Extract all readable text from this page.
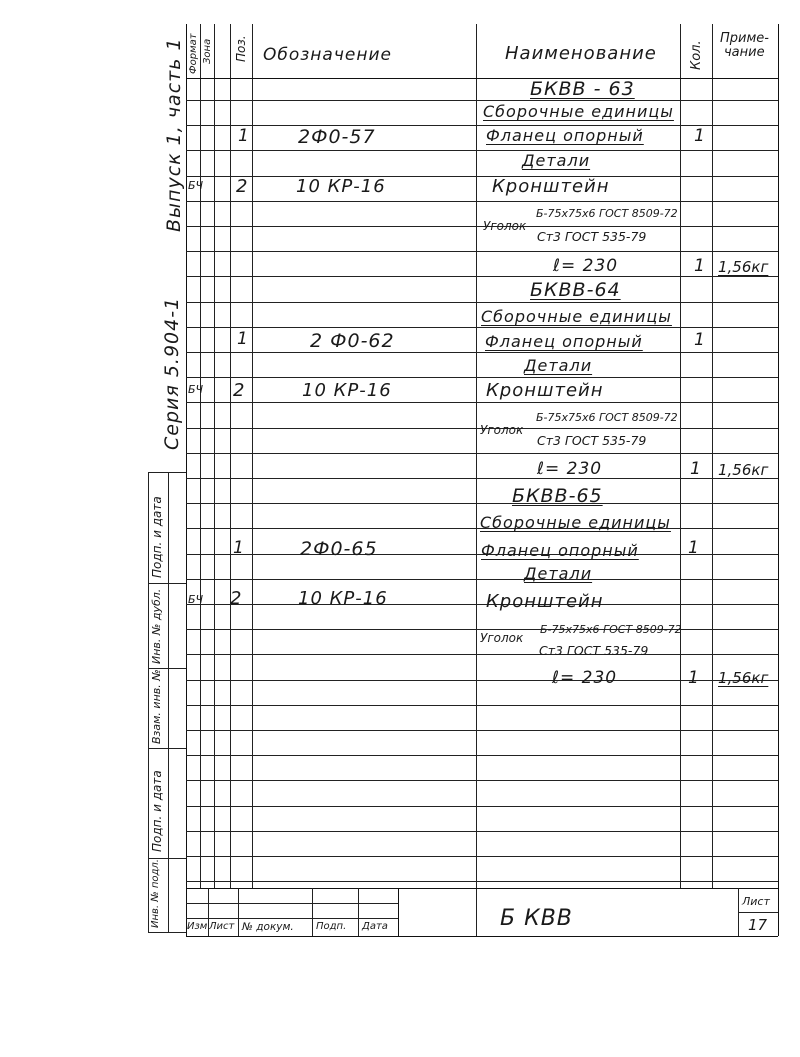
Выпуск 1, часть 1
Серия 5.904-1
Подп. и дата
Инв. № дубл.
Взам. инв. №
Подп. и дата
Инв. № подл.
Формат Зона Поз. Обозначение	Наименование Кол.
Приме-
чание
БКВВ - 63
Сборочные единицы
1	2Ф0-57	Фланец опорный	1
Детали
БЧ 2	10 КР-16	Кронштейн
Уголок
Б-75х75х6 ГОСТ 8509-72
Ст3 ГОСТ 535-79
ℓ= 230	1 1,56кг
БКВВ-64
Сборочные единицы
1	2 Ф0-62	Фланец опорный	1
Детали
БЧ 2	10 КР-16	Кронштейн
Уголок
Б-75х75х6 ГОСТ 8509-72
Ст3 ГОСТ 535-79
ℓ= 230	1 1,56кг
БКВВ-65
Сборочные единицы
1	2Ф0-65	Фланец опорный	1
Детали
БЧ 2	10 КР-16	Кронштейн
Уголок
Б-75х75х6 ГОСТ 8509-72
Ст3 ГОСТ 535-79
ℓ= 230	1 1,56кг
Изм Лист № докум. Подп. Дата	Б КВВ
Лист
17
